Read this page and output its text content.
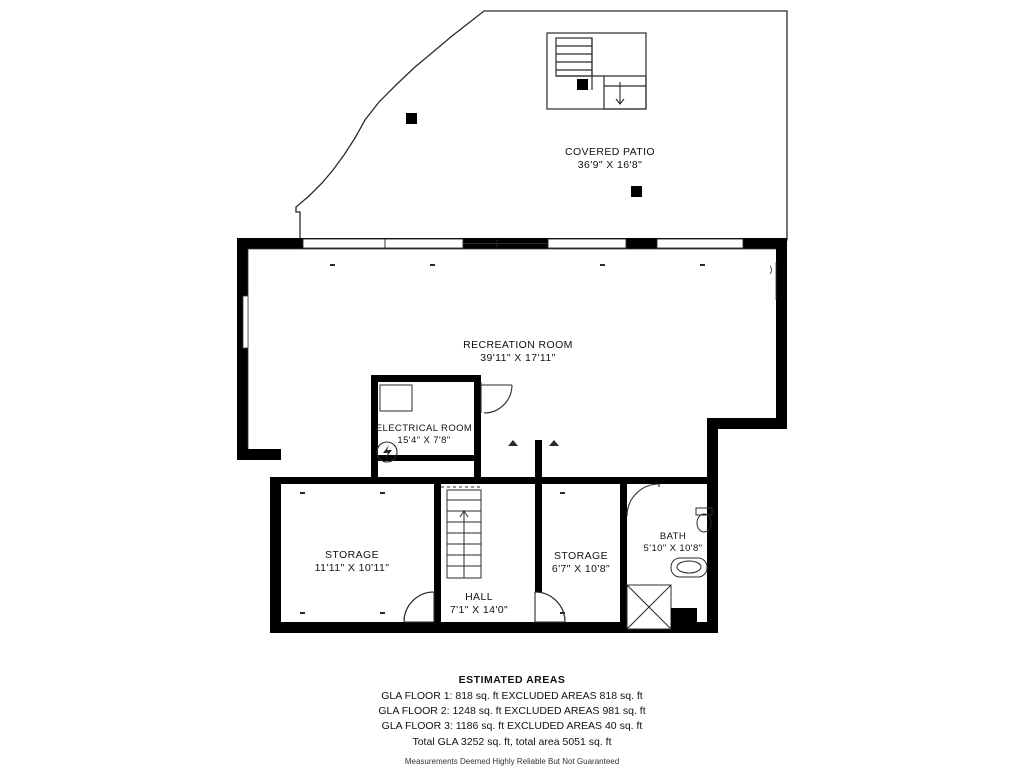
COVERED PATIO
36'9" X 16'8"
RECREATION ROOM
39'11" X 17'11"
ELECTRICAL ROOM
15'4" X 7'8"
STORAGE
11'11" X 10'11"
STORAGE
6'7" X 10'8"
BATH
5'10" X 10'8"
HALL
7'1" X 14'0"
ESTIMATED AREAS
GLA FLOOR 1: 818 sq. ft EXCLUDED AREAS 818 sq. ft
GLA FLOOR 2: 1248 sq. ft EXCLUDED AREAS 981 sq. ft
GLA FLOOR 3: 1186 sq. ft EXCLUDED AREAS 40 sq. ft
Total GLA 3252 sq. ft, total area 5051 sq. ft
Measurements Deemed Highly Reliable But Not Guaranteed
